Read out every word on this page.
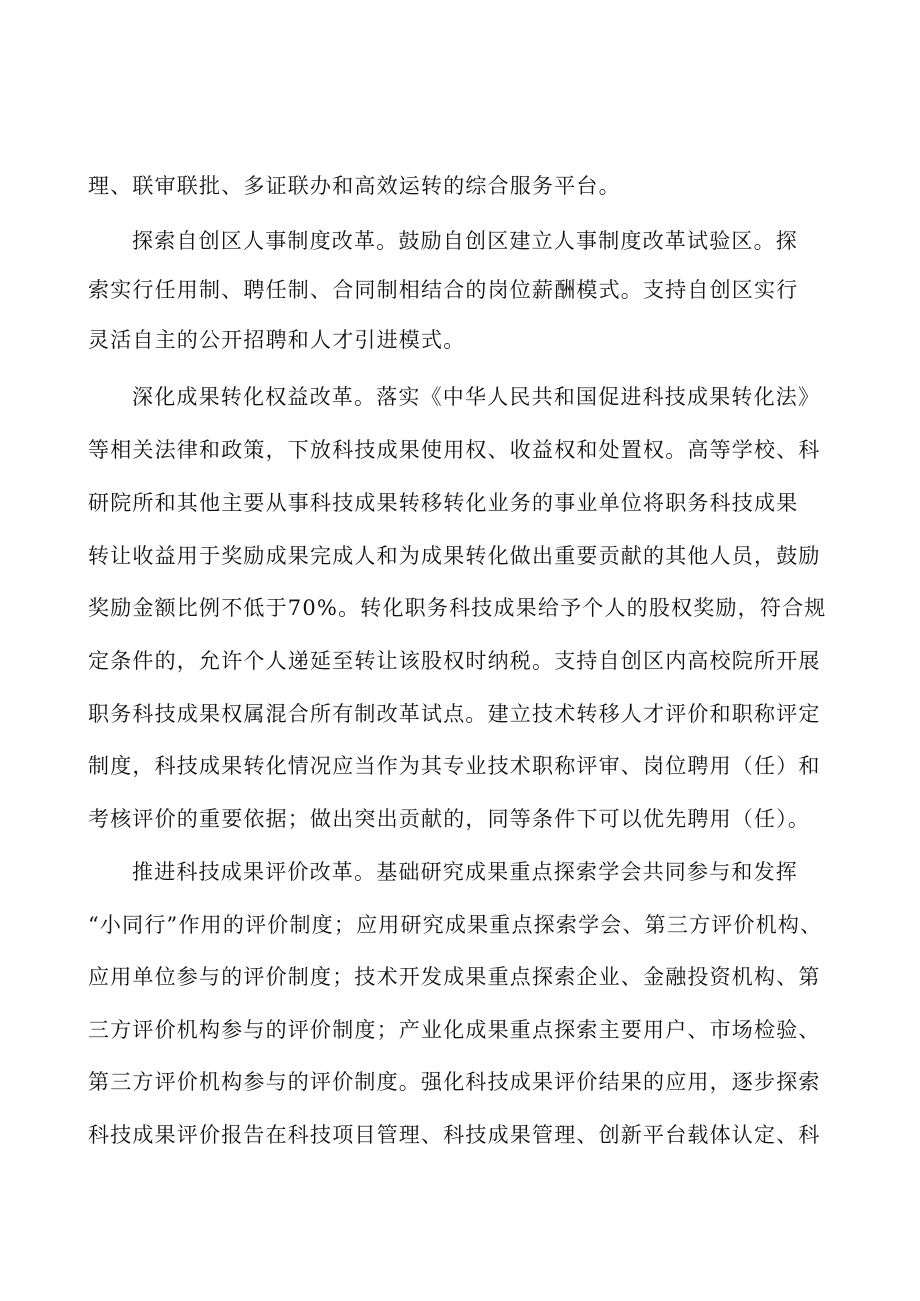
理、联审联批、多证联办和高效运转的综合服务平台。
探索自创区人事制度改革。鼓励自创区建立人事制度改革试验区。探
索实行任用制、聘任制、合同制相结合的岗位薪酬模式。支持自创区实行
灵活自主的公开招聘和人才引进模式。
深化成果转化权益改革。落实《中华人民共和国促进科技成果转化法》
等相关法律和政策，下放科技成果使用权、收益权和处置权。高等学校、科
研院所和其他主要从事科技成果转移转化业务的事业单位将职务科技成果
转让收益用于奖励成果完成人和为成果转化做出重要贡献的其他人员，鼓励
奖励金额比例不低于70%。转化职务科技成果给予个人的股权奖励，符合规
定条件的，允许个人递延至转让该股权时纳税。支持自创区内高校院所开展
职务科技成果权属混合所有制改革试点。建立技术转移人才评价和职称评定
制度，科技成果转化情况应当作为其专业技术职称评审、岗位聘用（任）和
考核评价的重要依据；做出突出贡献的，同等条件下可以优先聘用（任）。
推进科技成果评价改革。基础研究成果重点探索学会共同参与和发挥
“小同行”作用的评价制度；应用研究成果重点探索学会、第三方评价机构、
应用单位参与的评价制度；技术开发成果重点探索企业、金融投资机构、第
三方评价机构参与的评价制度；产业化成果重点探索主要用户、市场检验、
第三方评价机构参与的评价制度。强化科技成果评价结果的应用，逐步探索
科技成果评价报告在科技项目管理、科技成果管理、创新平台载体认定、科
